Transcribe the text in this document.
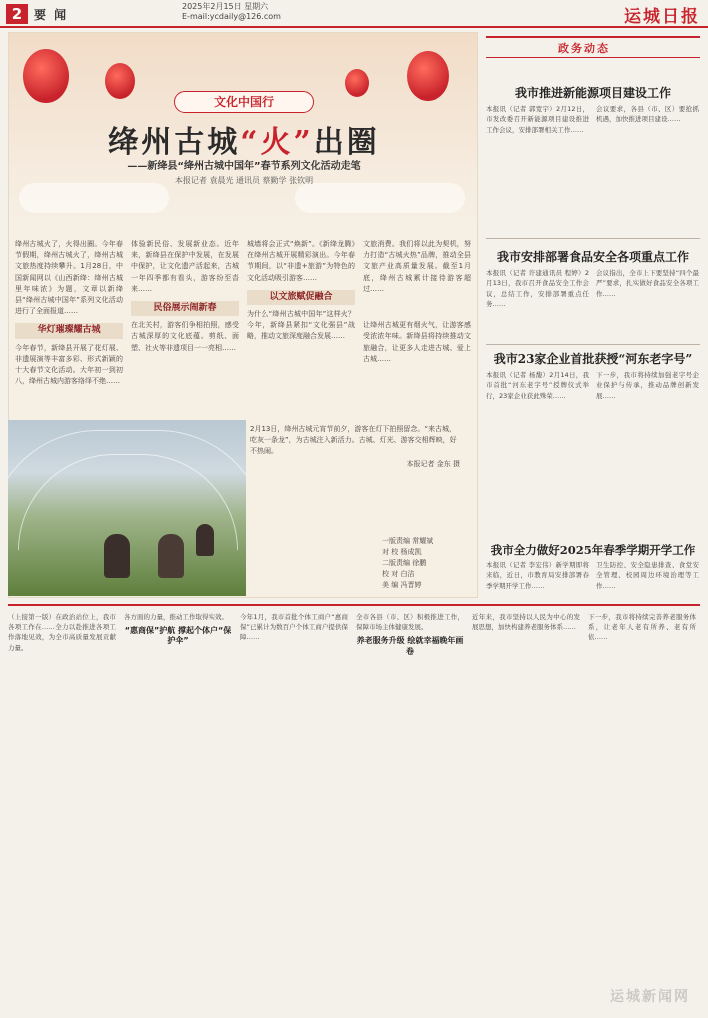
2 要 闻
2025年2月15日 星期六
E-mail:ycdaily@126.com	运城日报
文化中国行
绛州古城“火”出圈
——新绛县“绛州古城中国年”春节系列文化活动走笔
本报记者 袁晨光 通讯员 蔡勤学 张钦明
绛州古城火了，火得出圈。今年春节假期，绛州古城火了，绛州古城文旅热度持续攀升。1月28日，中国新闻网以《山西新绛：绛州古城里年味浓》为题，文章以新绛县“绛州古城中国年”系列文化活动进行了全面报道……
华灯璀璨耀古城
今年春节，新绛县开展了花灯展、非遗展演等丰富多彩、形式新颖的十大春节文化活动。大年初一到初八，绛州古城内游客络绎不绝……
体验新民俗、发展新业态。近年来，新绛县在保护中发展，在发展中保护，让文化遗产活起来，古城一年四季都有看头，游客纷至沓来……
民俗展示闹新春
在北关村，游客们争相拍照，感受古城深厚的文化底蕴。剪纸、面塑、社火等非遗项目一一亮相……
城墙将会正式“焕新”。《新绛龙腾》在绛州古城开展精彩演出。今年春节期间，以“非遗+旅游”为特色的文化活动吸引游客……
以文旅赋促融合
为什么“绛州古城中国年”这样火？今年，新绛县紧扣“文化强县”战略，推动文旅深度融合发展……
文旅消费。我们将以此为契机，努力打造“古城火热”品牌，推动全县文旅产业高质量发展。截至1月底，绛州古城累计接待游客超过……让绛州古城更有烟火气，让游客感受浓浓年味。新绛县将持续推动文旅融合，让更多人走进古城、爱上古城……
2月13日，绛州古城元宵节前夕，游客在灯下拍照留念。“来古城，吃灰一条龙”，为古城注入新活力。古城、灯光、游客交相辉映，好不热闹。
本报记者 金东 摄
一版责编 常耀斌
对 校 杨成凯
二版责编 徐鹏
校 对 白洁
美 编 冯晋婷
政务动态
我市推进新能源项目建设工作
本报讯（记者 郭宽宇）2月12日，市发改委召开新能源项目建设推进工作会议，安排部署相关工作……
会议要求，各县（市、区）要抢抓机遇，加快推进项目建设……
我市安排部署食品安全各项重点工作
本报讯（记者 许建通讯员 程婷）2月13日，我市召开食品安全工作会议，总结工作，安排部署重点任务……
会议指出，全市上下要坚持“四个最严”要求，扎实做好食品安全各项工作……
我市23家企业首批获授“河东老字号”
本报讯（记者 杨馥）2月14日，我市首批“河东老字号”授牌仪式举行，23家企业获此殊荣……
下一步，我市将持续加强老字号企业保护与传承，推动品牌创新发展……
我市全力做好2025年春季学期开学工作
本报讯（记者 李宏伟）新学期即将来临，近日，市教育局安排部署春季学期开学工作……
卫生防控、安全隐患排查、食堂安全管理、校园周边环境治理等工作……
（上接第一版）在政治站位上，我市各项工作在……全力以赴推进各项工作落地见效，为全市高质量发展贡献力量。
各方面的力量，推动工作取得实效。
“惠商保”护航 撑起个体户“保护伞”
今年1月，我市首批个体工商户“惠商保”已累计为数百户个体工商户提供保障……
全市各县（市、区）积极推进工作，保障市场主体健康发展。
养老服务升级 绘就幸福晚年画卷
近年来，我市坚持以人民为中心的发展思想，加快构建养老服务体系……
下一步，我市将持续完善养老服务体系，让老年人老有所养、老有所依……
运城新闻网
